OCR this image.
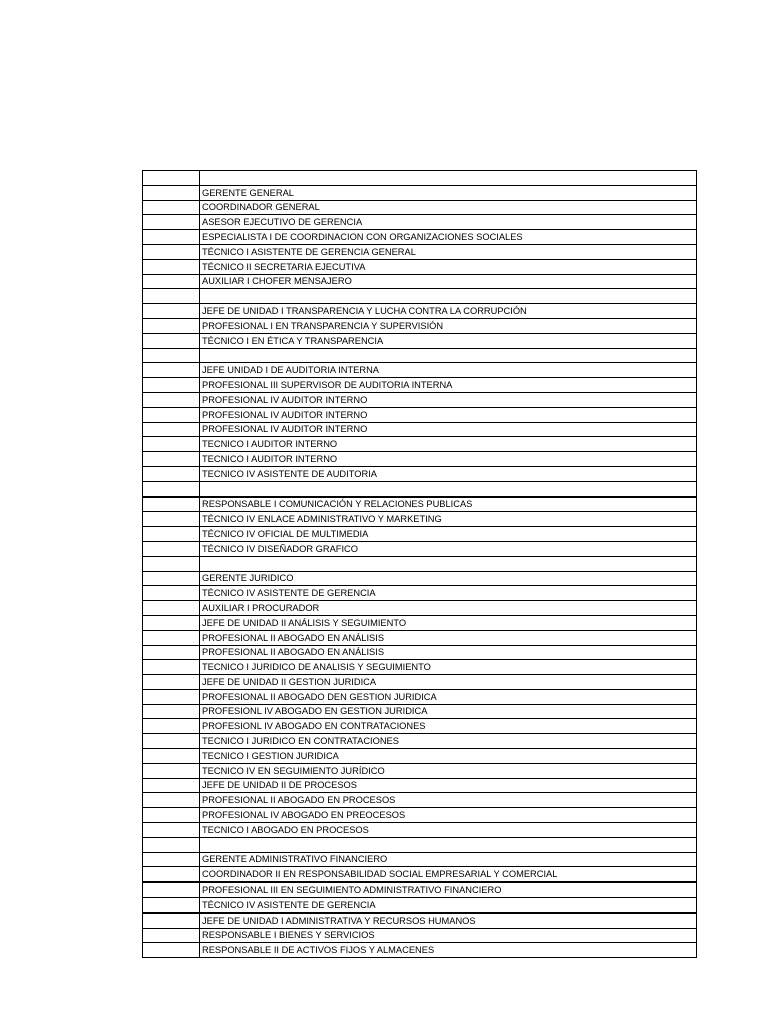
	GERENTE GENERAL
	COORDINADOR GENERAL
	ASESOR EJECUTIVO DE GERENCIA
	ESPECIALISTA I DE COORDINACION CON ORGANIZACIONES SOCIALES
	TÉCNICO I ASISTENTE DE GERENCIA GENERAL
	TÉCNICO II SECRETARIA EJECUTIVA
	AUXILIAR I CHOFER MENSAJERO

	JEFE DE UNIDAD I TRANSPARENCIA Y LUCHA CONTRA LA CORRUPCIÓN
	PROFESIONAL I EN TRANSPARENCIA Y SUPERVISIÓN
	TÉCNICO I EN ÉTICA Y TRANSPARENCIA

	JEFE UNIDAD I DE AUDITORIA INTERNA
	PROFESIONAL III SUPERVISOR DE AUDITORIA INTERNA
	PROFESIONAL IV AUDITOR INTERNO
	PROFESIONAL IV AUDITOR INTERNO
	PROFESIONAL IV AUDITOR INTERNO
	TECNICO I AUDITOR INTERNO
	TECNICO I AUDITOR INTERNO
	TECNICO IV ASISTENTE DE AUDITORIA

	RESPONSABLE I COMUNICACIÓN Y RELACIONES PUBLICAS
	TÉCNICO IV ENLACE ADMINISTRATIVO Y MARKETING
	TÉCNICO IV OFICIAL DE MULTIMEDIA
	TÉCNICO IV DISEÑADOR GRAFICO

	GERENTE JURIDICO
	TÉCNICO IV ASISTENTE DE GERENCIA
	AUXILIAR I PROCURADOR
	JEFE DE UNIDAD II ANÁLISIS Y SEGUIMIENTO
	PROFESIONAL II ABOGADO EN ANÁLISIS
	PROFESIONAL II ABOGADO EN ANÁLISIS
	TECNICO I JURIDICO DE ANALISIS Y SEGUIMIENTO
	JEFE DE UNIDAD II GESTION JURIDICA
	PROFESIONAL II ABOGADO DEN GESTION JURIDICA
	PROFESIONL IV ABOGADO EN GESTION JURIDICA
	PROFESIONL IV ABOGADO EN CONTRATACIONES
	TECNICO I JURIDICO EN CONTRATACIONES
	TECNICO I GESTION JURIDICA
	TECNICO IV EN SEGUIMIENTO JURÍDICO
	JEFE DE UNIDAD II DE PROCESOS
	PROFESIONAL II ABOGADO EN PROCESOS
	PROFESIONAL IV ABOGADO EN PREOCESOS
	TECNICO I ABOGADO EN PROCESOS

	GERENTE ADMINISTRATIVO FINANCIERO
	COORDINADOR II EN RESPONSABILIDAD SOCIAL EMPRESARIAL Y COMERCIAL
	PROFESIONAL III EN SEGUIMIENTO ADMINISTRATIVO FINANCIERO
	TÉCNICO IV ASISTENTE DE GERENCIA
	JEFE DE UNIDAD I ADMINISTRATIVA Y RECURSOS HUMANOS
	RESPONSABLE I BIENES Y SERVICIOS
	RESPONSABLE II DE ACTIVOS FIJOS Y ALMACENES
